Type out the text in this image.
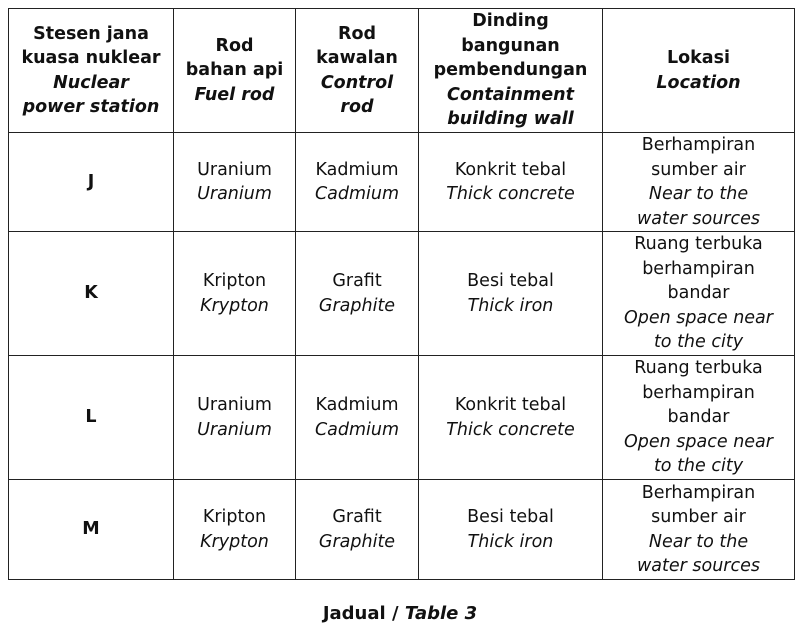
Stesen jana
kuasa nuklear
Nuclear
power station	Rod
bahan api
Fuel rod	Rod
kawalan
Control
rod	Dinding
bangunan
pembendungan
Containment
building wall	Lokasi
Location

J	Uranium
Uranium	Kadmium
Cadmium	Konkrit tebal
Thick concrete	Berhampiran
sumber air
Near to the
water sources

K	Kripton
Krypton	Grafit
Graphite	Besi tebal
Thick iron	Ruang terbuka
berhampiran
bandar
Open space near
to the city

L	Uranium
Uranium	Kadmium
Cadmium	Konkrit tebal
Thick concrete	Ruang terbuka
berhampiran
bandar
Open space near
to the city

M	Kripton
Krypton	Grafit
Graphite	Besi tebal
Thick iron	Berhampiran
sumber air
Near to the
water sources
Jadual / Table 3
